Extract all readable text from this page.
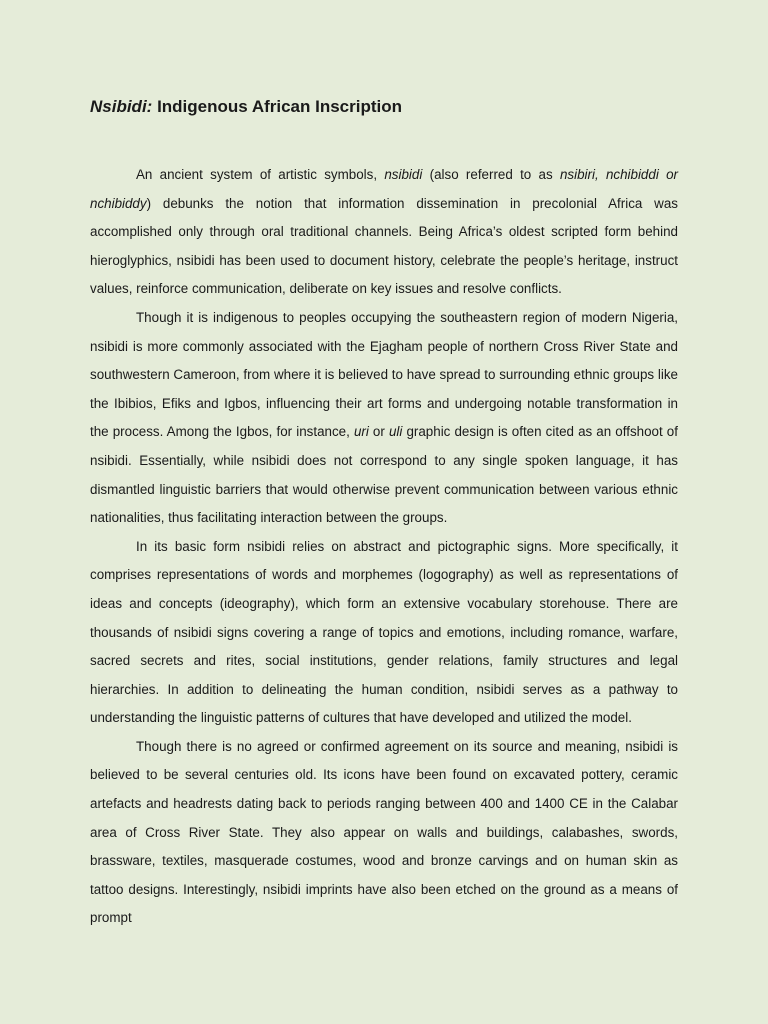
Nsibidi: Indigenous African Inscription

An ancient system of artistic symbols, nsibidi (also referred to as nsibiri, nchibiddi or nchibiddy) debunks the notion that information dissemination in precolonial Africa was accomplished only through oral traditional channels. Being Africa’s oldest scripted form behind hieroglyphics, nsibidi has been used to document history, celebrate the people’s heritage, instruct values, reinforce communication, deliberate on key issues and resolve conflicts.

Though it is indigenous to peoples occupying the southeastern region of modern Nigeria, nsibidi is more commonly associated with the Ejagham people of northern Cross River State and southwestern Cameroon, from where it is believed to have spread to surrounding ethnic groups like the Ibibios, Efiks and Igbos, influencing their art forms and undergoing notable transformation in the process. Among the Igbos, for instance, uri or uli graphic design is often cited as an offshoot of nsibidi. Essentially, while nsibidi does not correspond to any single spoken language, it has dismantled linguistic barriers that would otherwise prevent communication between various ethnic nationalities, thus facilitating interaction between the groups.

In its basic form nsibidi relies on abstract and pictographic signs. More specifically, it comprises representations of words and morphemes (logography) as well as representations of ideas and concepts (ideography), which form an extensive vocabulary storehouse. There are thousands of nsibidi signs covering a range of topics and emotions, including romance, warfare, sacred secrets and rites, social institutions, gender relations, family structures and legal hierarchies. In addition to delineating the human condition, nsibidi serves as a pathway to understanding the linguistic patterns of cultures that have developed and utilized the model.

Though there is no agreed or confirmed agreement on its source and meaning, nsibidi is believed to be several centuries old. Its icons have been found on excavated pottery, ceramic artefacts and headrests dating back to periods ranging between 400 and 1400 CE in the Calabar area of Cross River State. They also appear on walls and buildings, calabashes, swords, brassware, textiles, masquerade costumes, wood and bronze carvings and on human skin as tattoo designs. Interestingly, nsibidi imprints have also been etched on the ground as a means of prompt
